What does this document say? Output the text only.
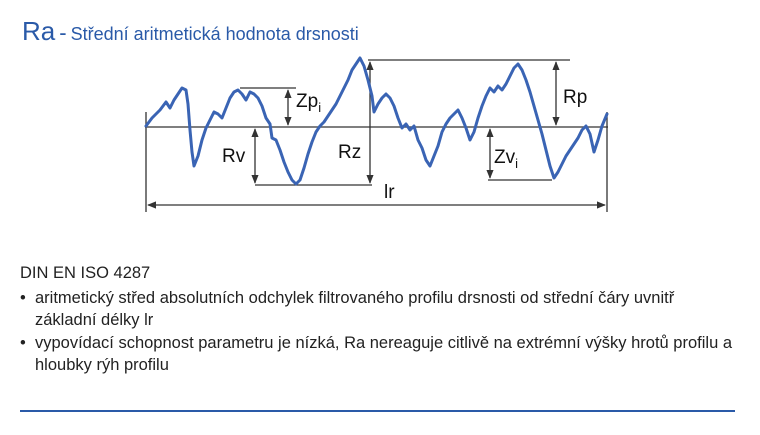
Ra - Střední aritmetická hodnota drsnosti
$Zp_i$
Rv	Rz
Rp
$Zv_i$
lr
DIN EN ISO 4287
• aritmetický střed absolutních odchylek filtrovaného profilu drsnosti od střední čáry uvnitř základní délky lr
• vypovídací schopnost parametru je nízká, Ra nereaguje citlivě na extrémní výšky hrotů profilu a hloubky rýh profilu
